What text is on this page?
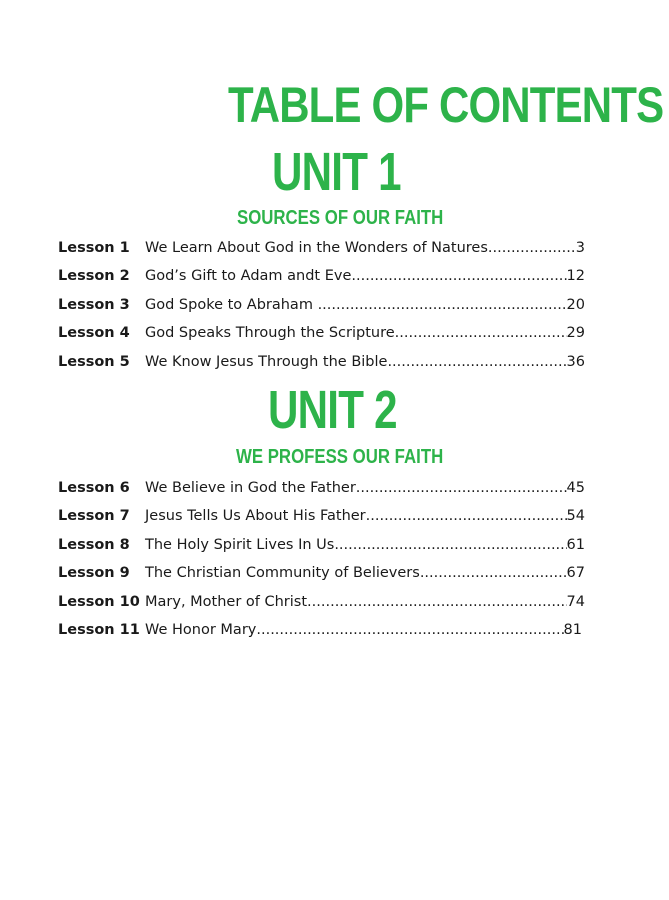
TABLE OF CONTENTS
UNIT 1
SOURCES OF OUR FAITH
Lesson 1 We Learn About God in the Wonders of Natures .....	3
Lesson 2 God’s Gift to Adam andt Eve .....	12
Lesson 3 God Spoke to Abraham .....	20
Lesson 4 God Speaks Through the Scripture .....	29
Lesson 5 We Know Jesus Through the Bible .....	36
UNIT 2
WE PROFESS OUR FAITH
Lesson 6 We Believe in God the Father .....	45
Lesson 7 Jesus Tells Us About His Father .....	54
Lesson 8 The Holy Spirit Lives In Us .....	61
Lesson 9 The Christian Community of Believers .....	67
Lesson 10 Mary, Mother of Christ .....	74
Lesson 11 We Honor Mary .....	81
